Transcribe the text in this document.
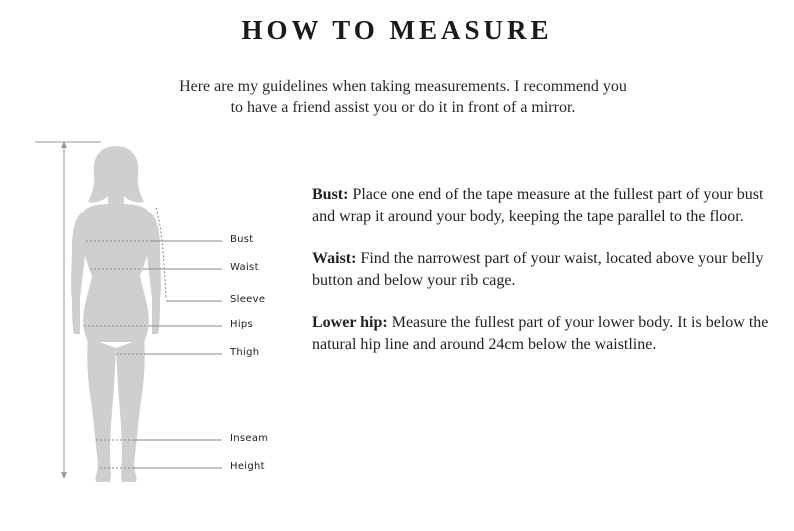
HOW TO MEASURE
Here are my guidelines when taking measurements. I recommend you
to have a friend assist you or do it in front of a mirror.
Bust
Waist
Sleeve
Hips
Thigh
Inseam
Height

Bust: Place one end of the tape measure at the fullest part of your bust and wrap it around your body, keeping the tape parallel to the floor.

Waist: Find the narrowest part of your waist, located above your belly button and below your rib cage.

Lower hip: Measure the fullest part of your lower body. It is below the natural hip line and around 24cm below the waistline.
